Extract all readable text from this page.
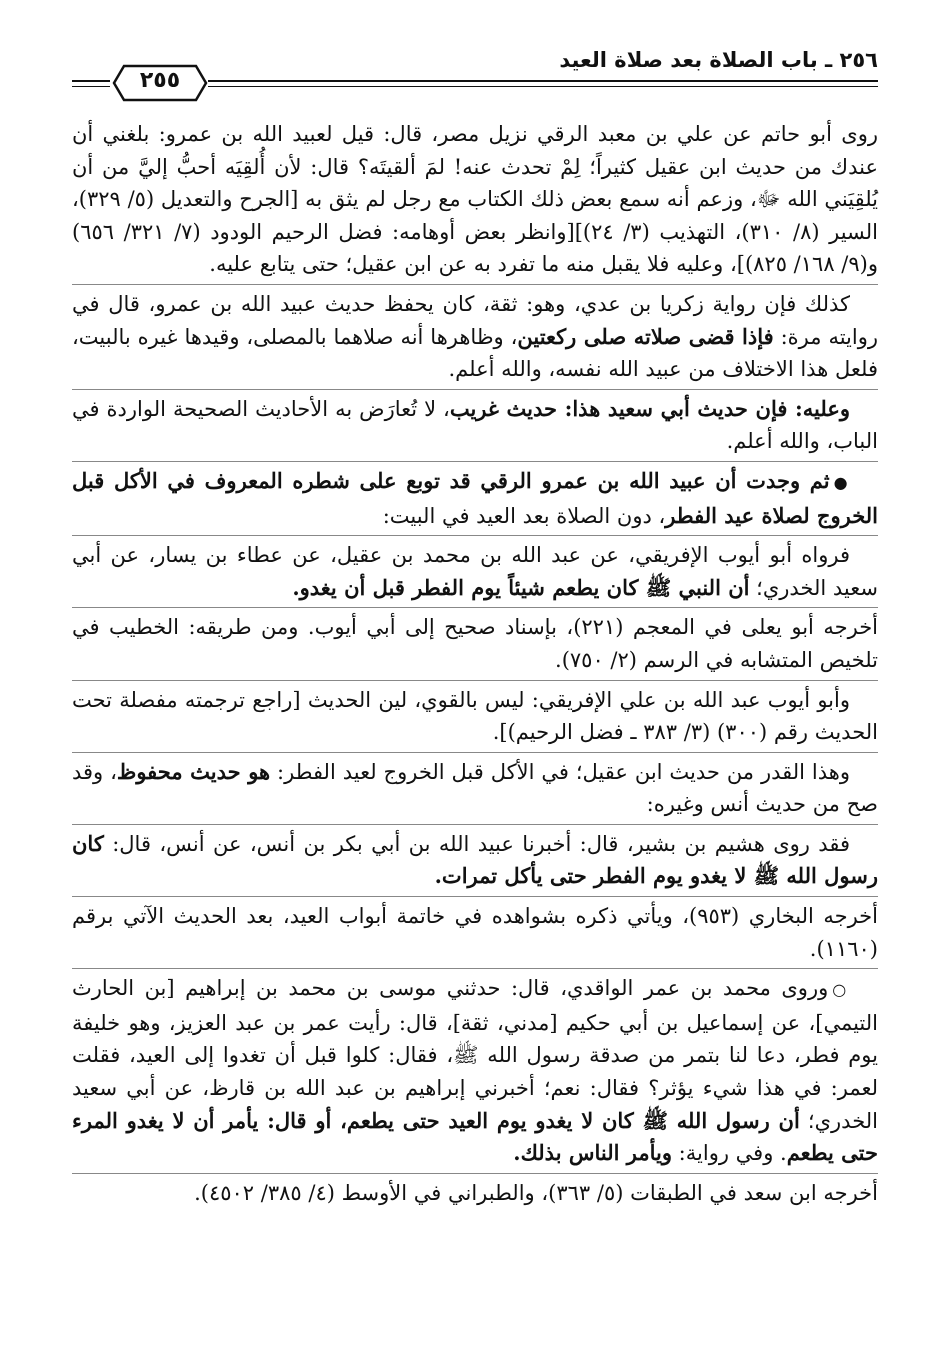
٢٥٦ ـ باب الصلاة بعد صلاة العيد
٢٥٥

روى أبو حاتم عن علي بن معبد الرقي نزيل مصر، قال: قيل لعبيد الله بن عمرو: بلغني أن عندك من حديث ابن عقيل كثيراً؛ لِمْ تحدث عنه! لمَ ألقيتَه؟ قال: لأن أُلقِيَه أحبُّ إليَّ من أن يُلقِيَني الله ﷻ، وزعم أنه سمع بعض ذلك الكتاب مع رجل لم يثق به [الجرح والتعديل (٥/ ٣٢٩)، السير (٨/ ٣١٠)، التهذيب (٣/ ٢٤)][وانظر بعض أوهامه: فضل الرحيم الودود (٧/ ٣٢١/ ٦٥٦) و(٩/ ١٦٨/ ٨٢٥)]، وعليه فلا يقبل منه ما تفرد به عن ابن عقيل؛ حتى يتابع عليه.

كذلك فإن رواية زكريا بن عدي، وهو: ثقة، كان يحفظ حديث عبيد الله بن عمرو، قال في روايته مرة: فإذا قضى صلاته صلى ركعتين، وظاهرها أنه صلاهما بالمصلى، وقيدها غيره بالبيت، فلعل هذا الاختلاف من عبيد الله نفسه، والله أعلم.

وعليه: فإن حديث أبي سعيد هذا: حديث غريب، لا تُعارَض به الأحاديث الصحيحة الواردة في الباب، والله أعلم.

●ثم وجدت أن عبيد الله بن عمرو الرقي قد توبع على شطره المعروف في الأكل قبل الخروج لصلاة عيد الفطر، دون الصلاة بعد العيد في البيت:

فرواه أبو أيوب الإفريقي، عن عبد الله بن محمد بن عقيل، عن عطاء بن يسار، عن أبي سعيد الخدري؛ أن النبي ﷺ كان يطعم شيئاً يوم الفطر قبل أن يغدو.

أخرجه أبو يعلى في المعجم (٢٢١)، بإسناد صحيح إلى أبي أيوب. ومن طريقه: الخطيب في تلخيص المتشابه في الرسم (٢/ ٧٥٠).

وأبو أيوب عبد الله بن علي الإفريقي: ليس بالقوي، لين الحديث [راجع ترجمته مفصلة تحت الحديث رقم (٣٠٠) (٣/ ٣٨٣ ـ فضل الرحيم)].

وهذا القدر من حديث ابن عقيل؛ في الأكل قبل الخروج لعيد الفطر: هو حديث محفوظ، وقد صح من حديث أنس وغيره:

فقد روى هشيم بن بشير، قال: أخبرنا عبيد الله بن أبي بكر بن أنس، عن أنس، قال: كان رسول الله ﷺ لا يغدو يوم الفطر حتى يأكل تمرات.

أخرجه البخاري (٩٥٣)، ويأتي ذكره بشواهده في خاتمة أبواب العيد، بعد الحديث الآتي برقم (١١٦٠).

○وروى محمد بن عمر الواقدي، قال: حدثني موسى بن محمد بن إبراهيم [بن الحارث التيمي]، عن إسماعيل بن أبي حكيم [مدني، ثقة]، قال: رأيت عمر بن عبد العزيز، وهو خليفة يوم فطر، دعا لنا بتمر من صدقة رسول الله ﷺ، فقال: كلوا قبل أن تغدوا إلى العيد، فقلت لعمر: في هذا شيء يؤثر؟ فقال: نعم؛ أخبرني إبراهيم بن عبد الله بن قارظ، عن أبي سعيد الخدري؛ أن رسول الله ﷺ كان لا يغدو يوم العيد حتى يطعم، أو قال: يأمر أن لا يغدو المرء حتى يطعم. وفي رواية: ويأمر الناس بذلك.

أخرجه ابن سعد في الطبقات (٥/ ٣٦٣)، والطبراني في الأوسط (٤/ ٣٨٥/ ٤٥٠٢).
